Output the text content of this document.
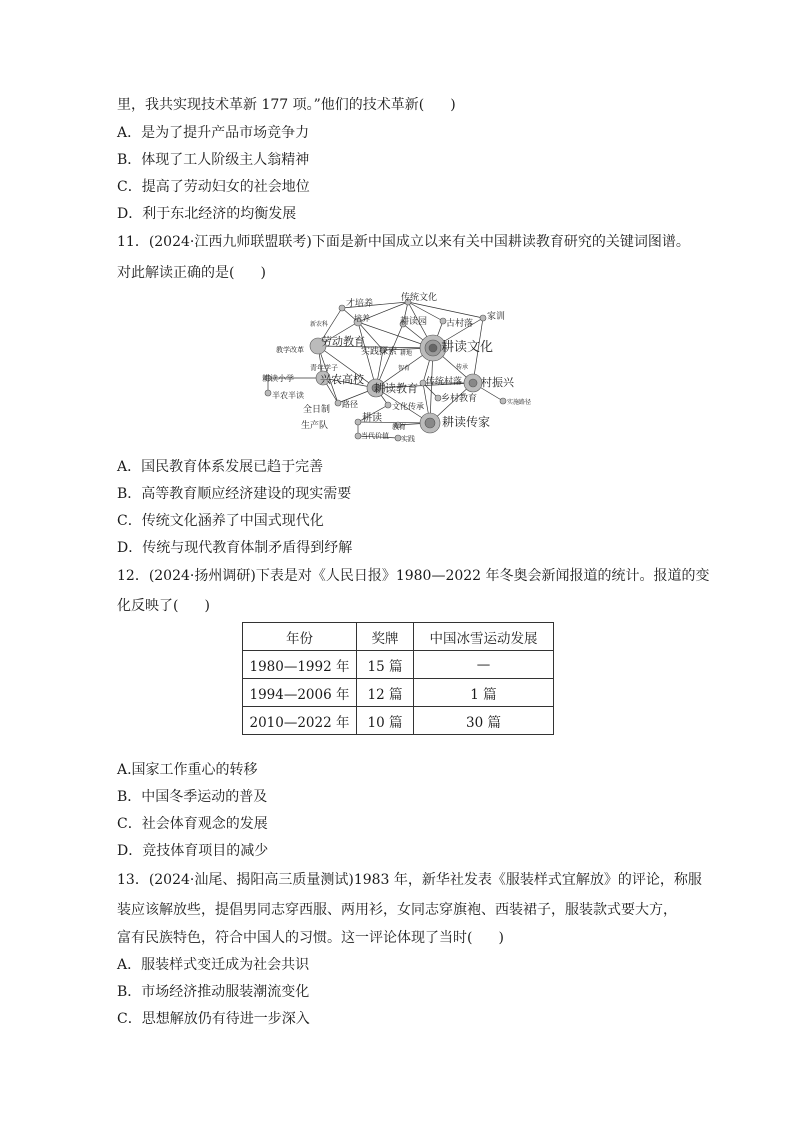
里，我共实现技术革新 177 项。”他们的技术革新( )
A．是为了提升产品市场竞争力
B．体现了工人阶级主人翁精神
C．提高了劳动妇女的社会地位
D．利于东北经济的均衡发展
11．(2024·江西九师联盟联考)下面是新中国成立以来有关中国耕读教育研究的关键词图谱。
对此解读正确的是( )
才培养
传统文化
家训
新农科
培养	耕读园 古村落
教学改革
劳动教育
实践探索 耕地 耕读文化
青年学子	智育	传承
耕读小学 兴农高校
耕读教育 传统村落 村振兴
半农半读
路径	文化传承
乡村教育	实施路径
全日制
耕读
生产队	教育	耕读传家
当代价值 实践
A．国民教育体系发展已趋于完善
B．高等教育顺应经济建设的现实需要
C．传统文化涵养了中国式现代化
D．传统与现代教育体制矛盾得到纾解
12．(2024·扬州调研)下表是对《人民日报》1980—2022 年冬奥会新闻报道的统计。报道的变
化反映了( )
年份	奖牌	中国冰雪运动发展
1980—1992 年	15 篇	—
1994—2006 年	12 篇	1 篇
2010—2022 年	10 篇	30 篇
A.国家工作重心的转移
B．中国冬季运动的普及
C．社会体育观念的发展
D．竞技体育项目的减少
13．(2024·汕尾、揭阳高三质量测试)1983 年，新华社发表《服装样式宜解放》的评论，称服
装应该解放些，提倡男同志穿西服、两用衫，女同志穿旗袍、西装裙子，服装款式要大方，
富有民族特色，符合中国人的习惯。这一评论体现了当时( )
A．服装样式变迁成为社会共识
B．市场经济推动服装潮流变化
C．思想解放仍有待进一步深入
